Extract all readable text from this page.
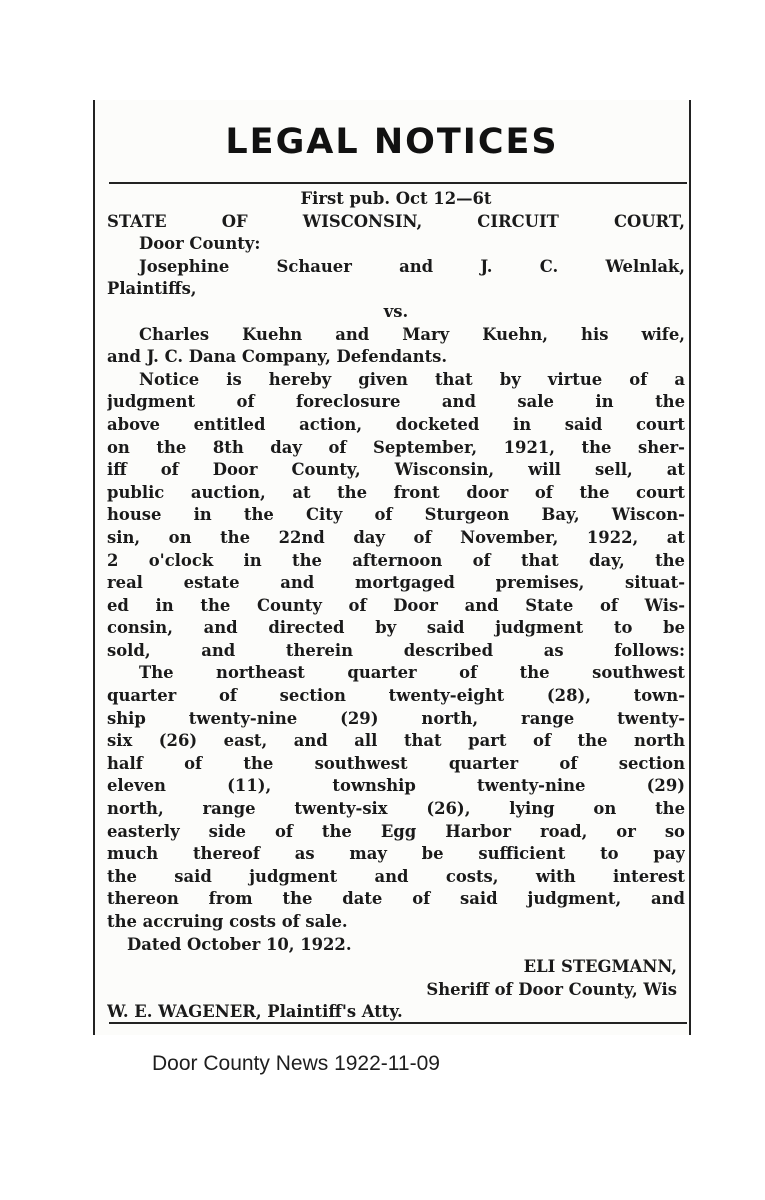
LEGAL NOTICES
First pub. Oct 12—6t
STATE OF WISCONSIN, CIRCUIT COURT,
Door County:
Josephine Schauer and J. C. Welnlak,
Plaintiffs,
vs.
Charles Kuehn and Mary Kuehn, his wife,
and J. C. Dana Company, Defendants.
Notice is hereby given that by virtue of a
judgment of foreclosure and sale in the
above entitled action, docketed in said court
on the 8th day of September, 1921, the sher-
iff of Door County, Wisconsin, will sell, at
public auction, at the front door of the court
house in the City of Sturgeon Bay, Wiscon-
sin, on the 22nd day of November, 1922, at
2 o'clock in the afternoon of that day, the
real estate and mortgaged premises, situat-
ed in the County of Door and State of Wis-
consin, and directed by said judgment to be
sold, and therein described as follows:
The northeast quarter of the southwest
quarter of section twenty-eight (28), town-
ship twenty-nine (29) north, range twenty-
six (26) east, and all that part of the north
half of the southwest quarter of section
eleven (11), township twenty-nine (29)
north, range twenty-six (26), lying on the
easterly side of the Egg Harbor road, or so
much thereof as may be sufficient to pay
the said judgment and costs, with interest
thereon from the date of said judgment, and
the accruing costs of sale.
Dated October 10, 1922.
ELI STEGMANN,
Sheriff of Door County, Wis
W. E. WAGENER, Plaintiff's Atty.
Door County News 1922-11-09
